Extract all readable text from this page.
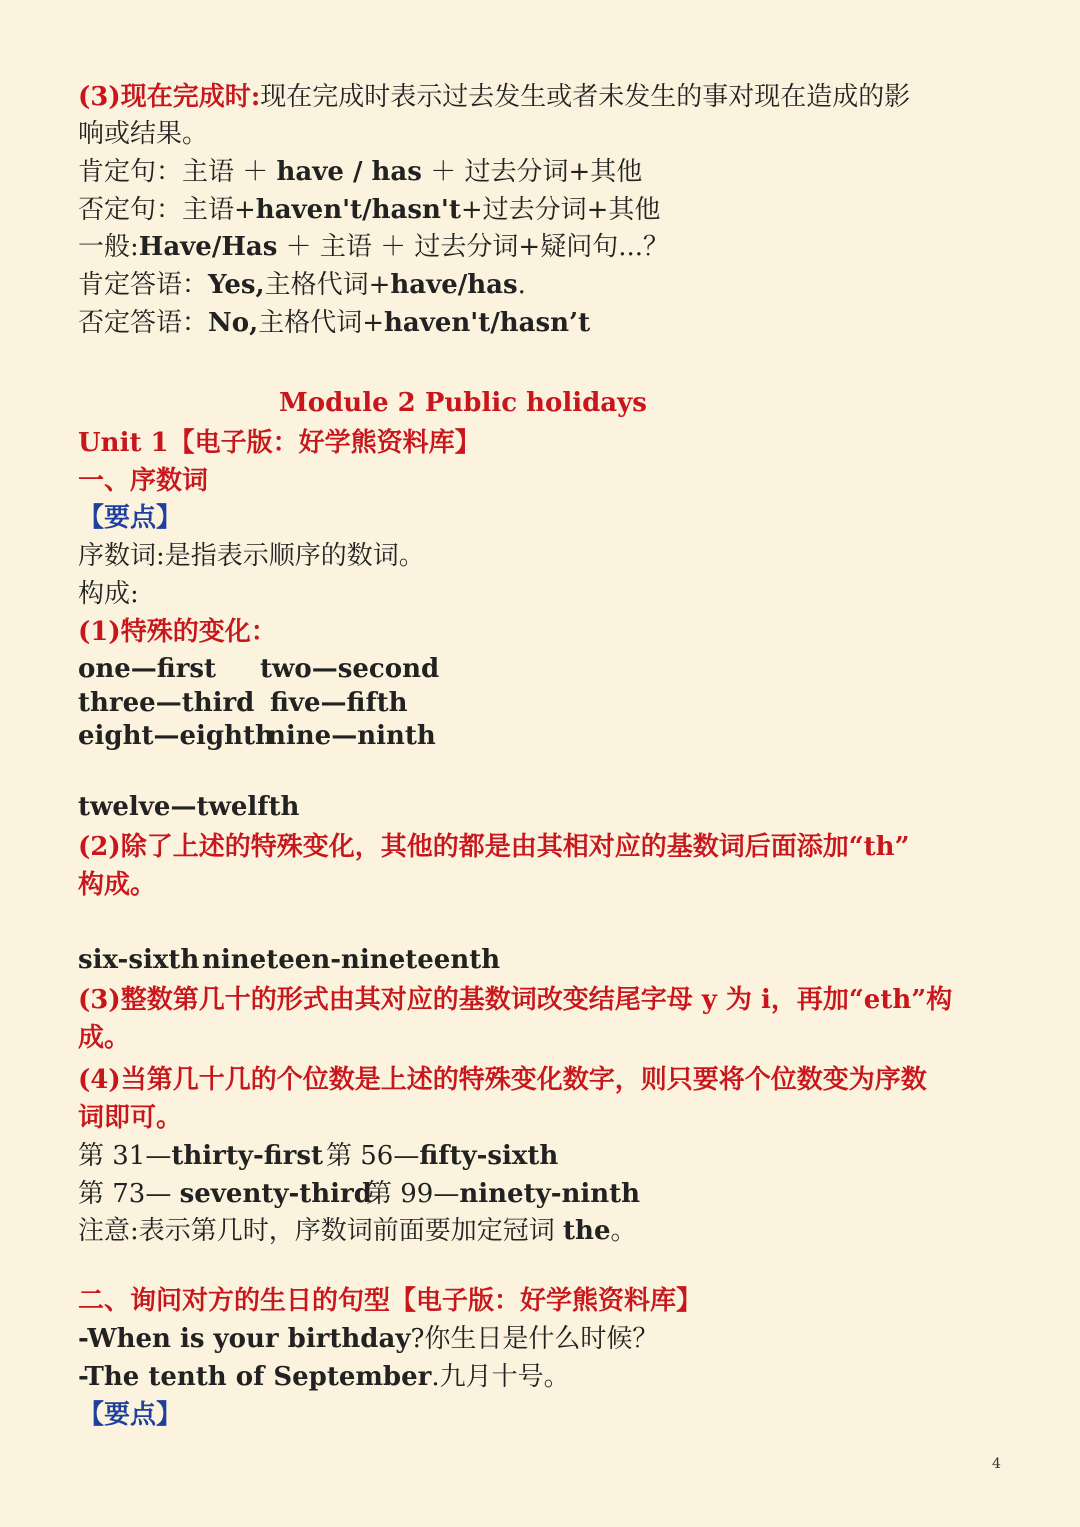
(3)现在完成时:现在完成时表示过去发生或者未发生的事对现在造成的影
响或结果。
肯定句：主语 ＋ have / has ＋ 过去分词+其他
否定句：主语+haven't/hasn't+过去分词+其他
一般:Have/Has ＋ 主语 ＋ 过去分词+疑问句...？
肯定答语：Yes,主格代词+have/has.
否定答语：No,主格代词+haven't/hasn’t
Module 2 Public holidays
Unit 1【电子版：好学熊资料库】
一、序数词
【要点】
序数词:是指表示顺序的数词。
构成:
(1)特殊的变化：
one—first two—second
three—third five—fifth
eight—eighth
nine—ninth
twelve—twelfth
(2)除了上述的特殊变化，其他的都是由其相对应的基数词后面添加“th”
构成。
six-sixth nineteen-nineteenth
(3)整数第几十的形式由其对应的基数词改变结尾字母 y 为 i，再加“eth”构
成。
(4)当第几十几的个位数是上述的特殊变化数字，则只要将个位数变为序数
词即可。
第 31—thirty-first 第 56—fifty-sixth
第 73— seventy-third
第 99—ninety-ninth
注意:表示第几时，序数词前面要加定冠词 the。
二、询问对方的生日的句型【电子版：好学熊资料库】
-When is your birthday?你生日是什么时候？
-The tenth of September.九月十号。
【要点】
4
